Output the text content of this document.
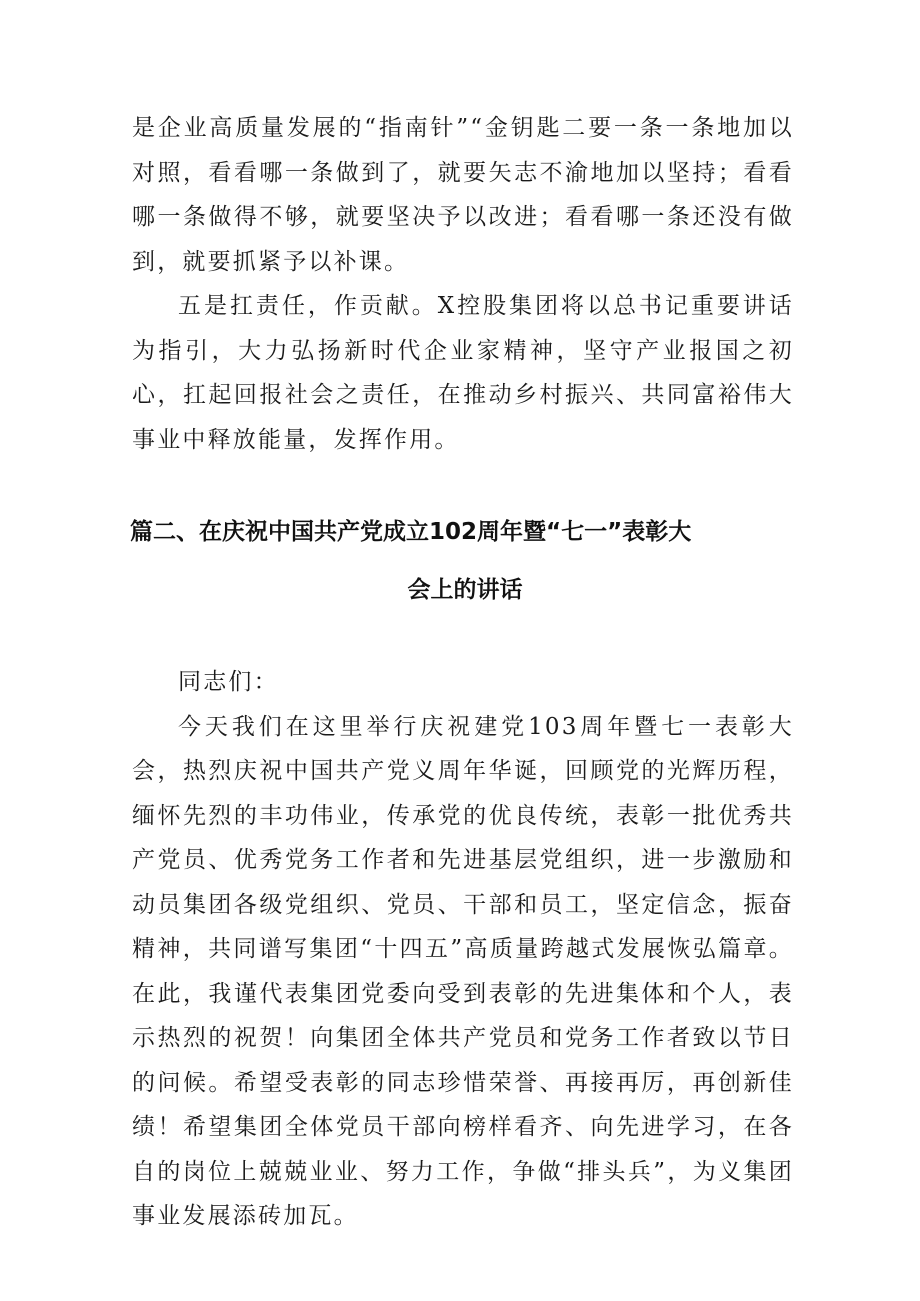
是企业高质量发展的“指南针”“金钥匙二要一条一条地加以对照，看看哪一条做到了，就要矢志不渝地加以坚持；看看哪一条做得不够，就要坚决予以改进；看看哪一条还没有做到，就要抓紧予以补课。

五是扛责任，作贡献。X控股集团将以总书记重要讲话为指引，大力弘扬新时代企业家精神，坚守产业报国之初心，扛起回报社会之责任，在推动乡村振兴、共同富裕伟大事业中释放能量，发挥作用。

篇二、在庆祝中国共产党成立102周年暨“七一”表彰大
会上的讲话

同志们：

今天我们在这里举行庆祝建党103周年暨七一表彰大会，热烈庆祝中国共产党义周年华诞，回顾党的光辉历程，缅怀先烈的丰功伟业，传承党的优良传统，表彰一批优秀共产党员、优秀党务工作者和先进基层党组织，进一步激励和动员集团各级党组织、党员、干部和员工，坚定信念，振奋精神，共同谱写集团“十四五”高质量跨越式发展恢弘篇章。在此，我谨代表集团党委向受到表彰的先进集体和个人，表示热烈的祝贺！向集团全体共产党员和党务工作者致以节日的问候。希望受表彰的同志珍惜荣誉、再接再厉，再创新佳绩！希望集团全体党员干部向榜样看齐、向先进学习，在各自的岗位上兢兢业业、努力工作，争做“排头兵”，为义集团事业发展添砖加瓦。
